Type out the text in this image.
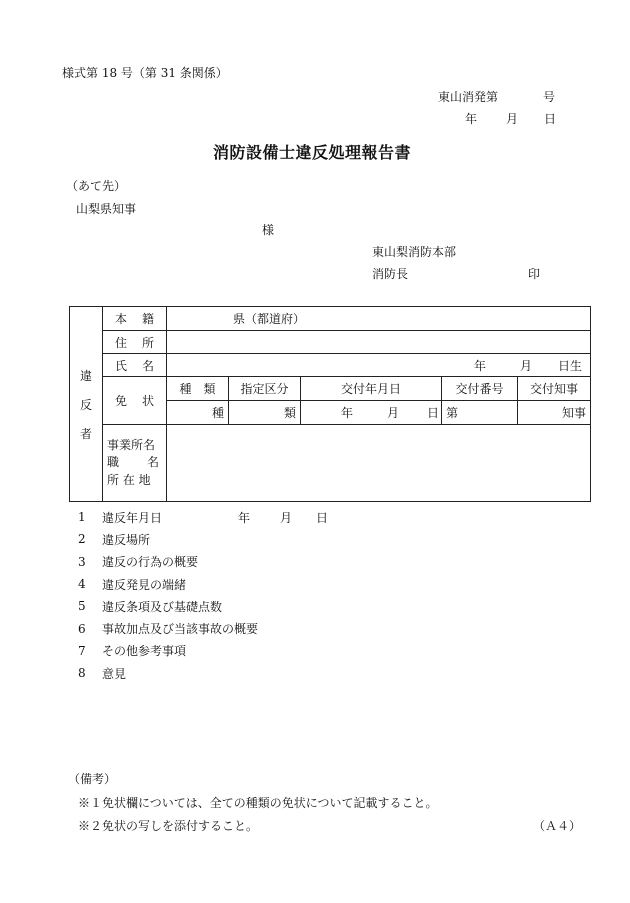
様式第 18 号（第 31 条関係）
東山消発第	号
年 月 日
消防設備士違反処理報告書
（あて先）
山梨県知事
様
東山梨消防本部
消防長	印
違
反
者	本 籍	県（都道府）				

	住 所					

	氏 名	年 月 日生				

	免 状	種　類	指定区分	交付年月日	交付番号	交付知事
		種	類	年 月 日	第	知事

	事業所名
職 名
所 在 地					

1	違反年月日	年	月	日
2	違反場所
3	違反の行為の概要
4	違反発見の端緒
5	違反条項及び基礎点数
6	事故加点及び当該事故の概要
7	その他参考事項
8	意見
（備考）
※１免状欄については、全ての種類の免状について記載すること。
※２免状の写しを添付すること。	（Ａ４）
